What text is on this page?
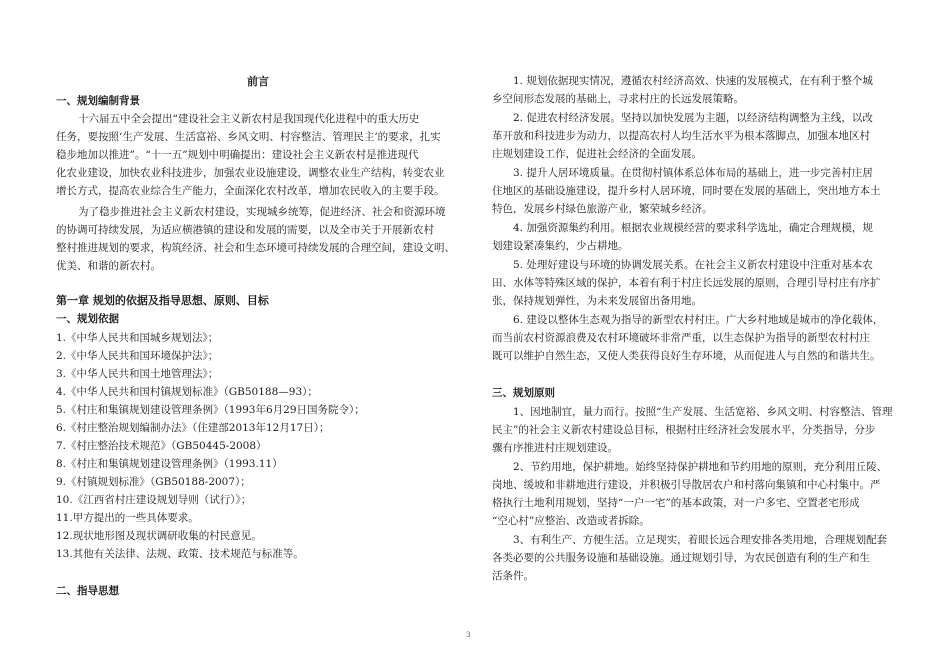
前言
一、规划编制背景
十六届五中全会提出“建设社会主义新农村是我国现代化进程中的重大历史
任务，要按照‘生产发展、生活富裕、乡风文明、村容整洁、管理民主’的要求，扎实
稳步地加以推进”。“十一五”规划中明确提出：建设社会主义新农村是推进现代
化农业建设，加快农业科技进步，加强农业设施建设，调整农业生产结构，转变农业
增长方式，提高农业综合生产能力，全面深化农村改革，增加农民收入的主要手段。
为了稳步推进社会主义新农村建设，实现城乡统筹，促进经济、社会和资源环境
的协调可持续发展，为适应横港镇的建设和发展的需要，以及全市关于开展新农村
整村推进规划的要求，构筑经济、社会和生态环境可持续发展的合理空间，建设文明、
优美、和谐的新农村。
第一章 规划的依据及指导思想、原则、目标
一、规划依据
1.《中华人民共和国城乡规划法》；
2.《中华人民共和国环境保护法》；
3.《中华人民共和国土地管理法》；
4.《中华人民共和国村镇规划标准》（GB50188—93）；
5.《村庄和集镇规划建设管理条例》（1993年6月29日国务院令）；
6.《村庄整治规划编制办法》（住建部2013年12月17日）；
7.《村庄整治技术规范》（GB50445-2008）
8.《村庄和集镇规划建设管理条例》（1993.11）
9.《村镇规划标准》（GB50188-2007）；
10.《江西省村庄建设规划导则（试行）》；
11.甲方提出的一些具体要求。
12.现状地形图及现状调研收集的村民意见。
13.其他有关法律、法规、政策、技术规范与标准等。
二、指导思想
1. 规划依据现实情况，遵循农村经济高效、快速的发展模式，在有利于整个城
乡空间形态发展的基础上，寻求村庄的长远发展策略。
2. 促进农村经济发展。坚持以加快发展为主题，以经济结构调整为主线，以改
革开放和科技进步为动力，以提高农村人均生活水平为根本落脚点，加强本地区村
庄规划建设工作，促进社会经济的全面发展。
3. 提升人居环境质量。在贯彻村镇体系总体布局的基础上，进一步完善村庄居
住地区的基础设施建设，提升乡村人居环境，同时要在发展的基础上，突出地方本土
特色，发展乡村绿色旅游产业，繁荣城乡经济。
4. 加强资源集约利用。根据农业规模经营的要求科学选址，确定合理规模，规
划建设紧凑集约，少占耕地。
5. 处理好建设与环境的协调发展关系。在社会主义新农村建设中注重对基本农
田、水体等特殊区域的保护，本着有利于村庄长远发展的原则，合理引导村庄有序扩
张，保持规划弹性，为未来发展留出备用地。
6. 建设以整体生态观为指导的新型农村村庄。广大乡村地域是城市的净化载体，
而当前农村资源浪费及农村环境破坏非常严重，以生态保护为指导的新型农村村庄
既可以维护自然生态，又使人类获得良好生存环境，从而促进人与自然的和谐共生。
三、规划原则
1、因地制宜，量力而行。按照“生产发展、生活宽裕、乡风文明、村容整洁、管理
民主”的社会主义新农村建设总目标，根据村庄经济社会发展水平，分类指导，分步
骤有序推进村庄规划建设。
2、节约用地，保护耕地。始终坚持保护耕地和节约用地的原则，充分利用丘陵、
岗地、缓坡和非耕地进行建设，并积极引导散居农户和村落向集镇和中心村集中。严
格执行土地利用规划，坚持“一户一宅”的基本政策，对一户多宅、空置老宅形成
“空心村”应整治、改造或者拆除。
3、有利生产、方便生活。立足现实，着眼长远合理安排各类用地，合理规划配套
各类必要的公共服务设施和基础设施。通过规划引导，为农民创造有利的生产和生
活条件。
3
